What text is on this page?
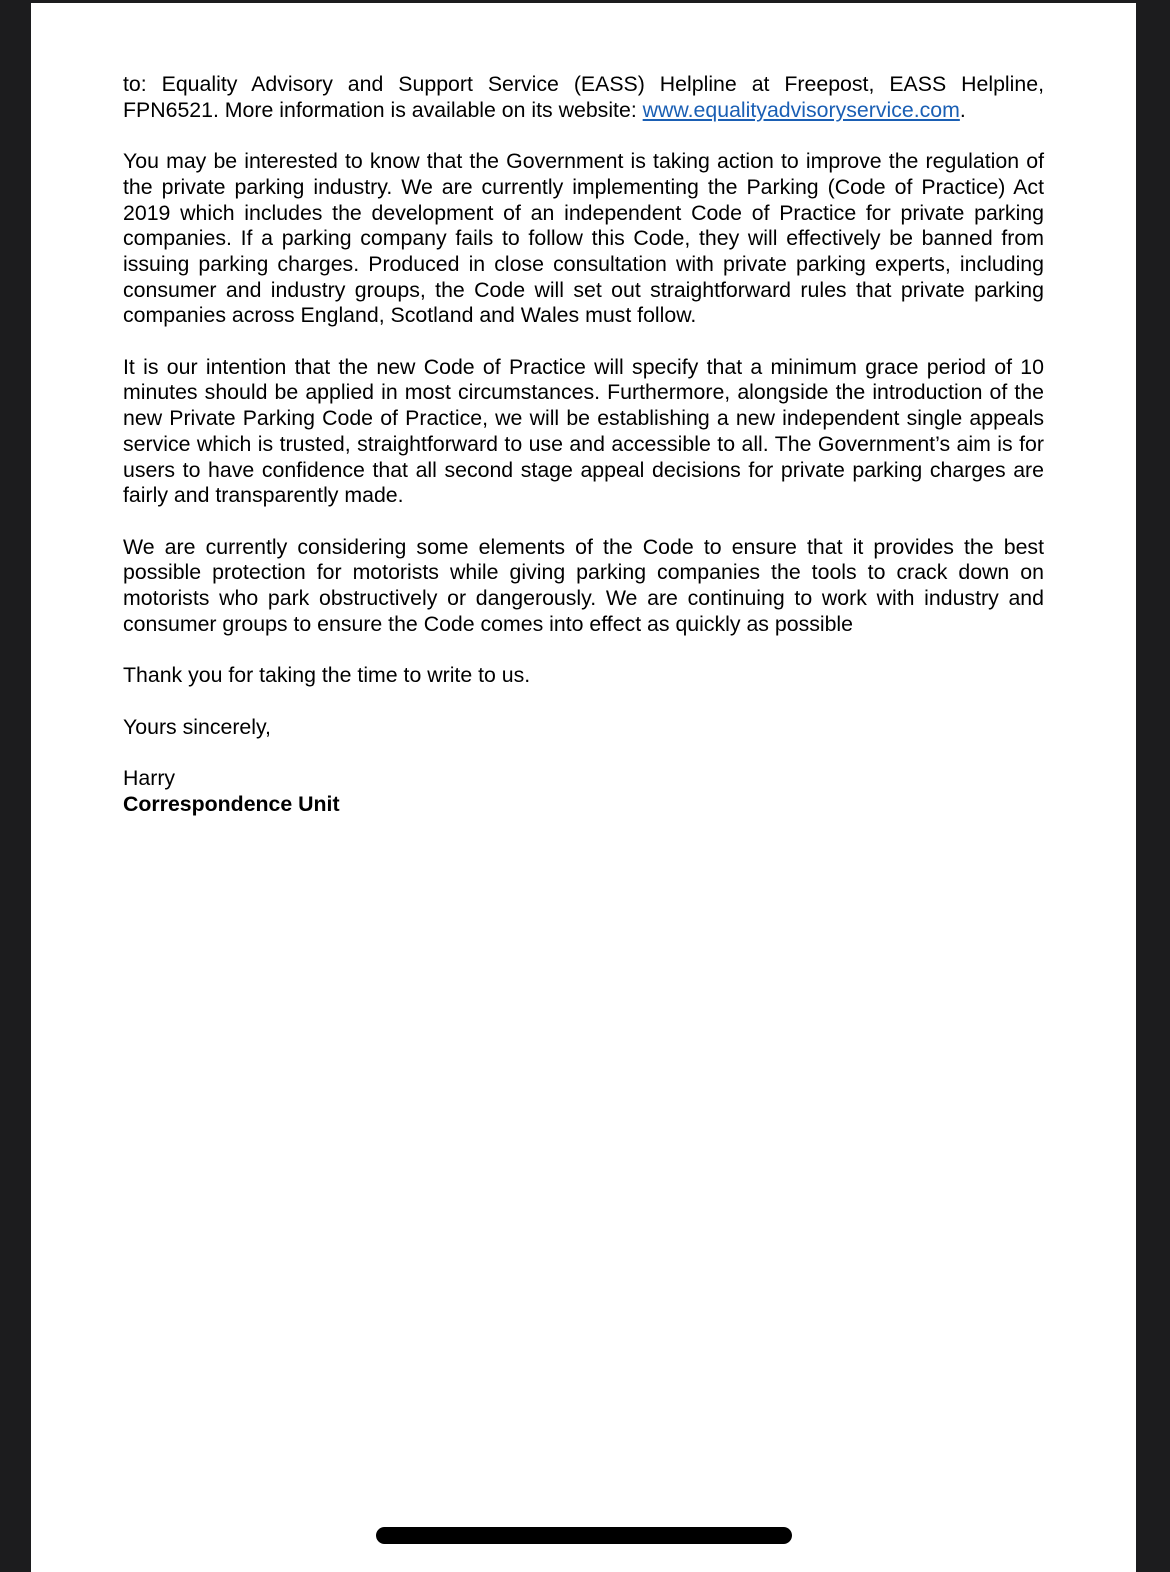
to: Equality Advisory and Support Service (EASS) Helpline at Freepost, EASS Helpline, FPN6521. More information is available on its website: www.equalityadvisoryservice.com.

You may be interested to know that the Government is taking action to improve the regulation of the private parking industry. We are currently implementing the Parking (Code of Practice) Act 2019 which includes the development of an independent Code of Practice for private parking companies. If a parking company fails to follow this Code, they will effectively be banned from issuing parking charges. Produced in close consultation with private parking experts, including consumer and industry groups, the Code will set out straightforward rules that private parking companies across England, Scotland and Wales must follow.

It is our intention that the new Code of Practice will specify that a minimum grace period of 10 minutes should be applied in most circumstances. Furthermore, alongside the introduction of the new Private Parking Code of Practice, we will be establishing a new independent single appeals service which is trusted, straightforward to use and accessible to all. The Government’s aim is for users to have confidence that all second stage appeal decisions for private parking charges are fairly and transparently made.

We are currently considering some elements of the Code to ensure that it provides the best possible protection for motorists while giving parking companies the tools to crack down on motorists who park obstructively or dangerously. We are continuing to work with industry and consumer groups to ensure the Code comes into effect as quickly as possible

Thank you for taking the time to write to us.

Yours sincerely,

Harry
Correspondence Unit
